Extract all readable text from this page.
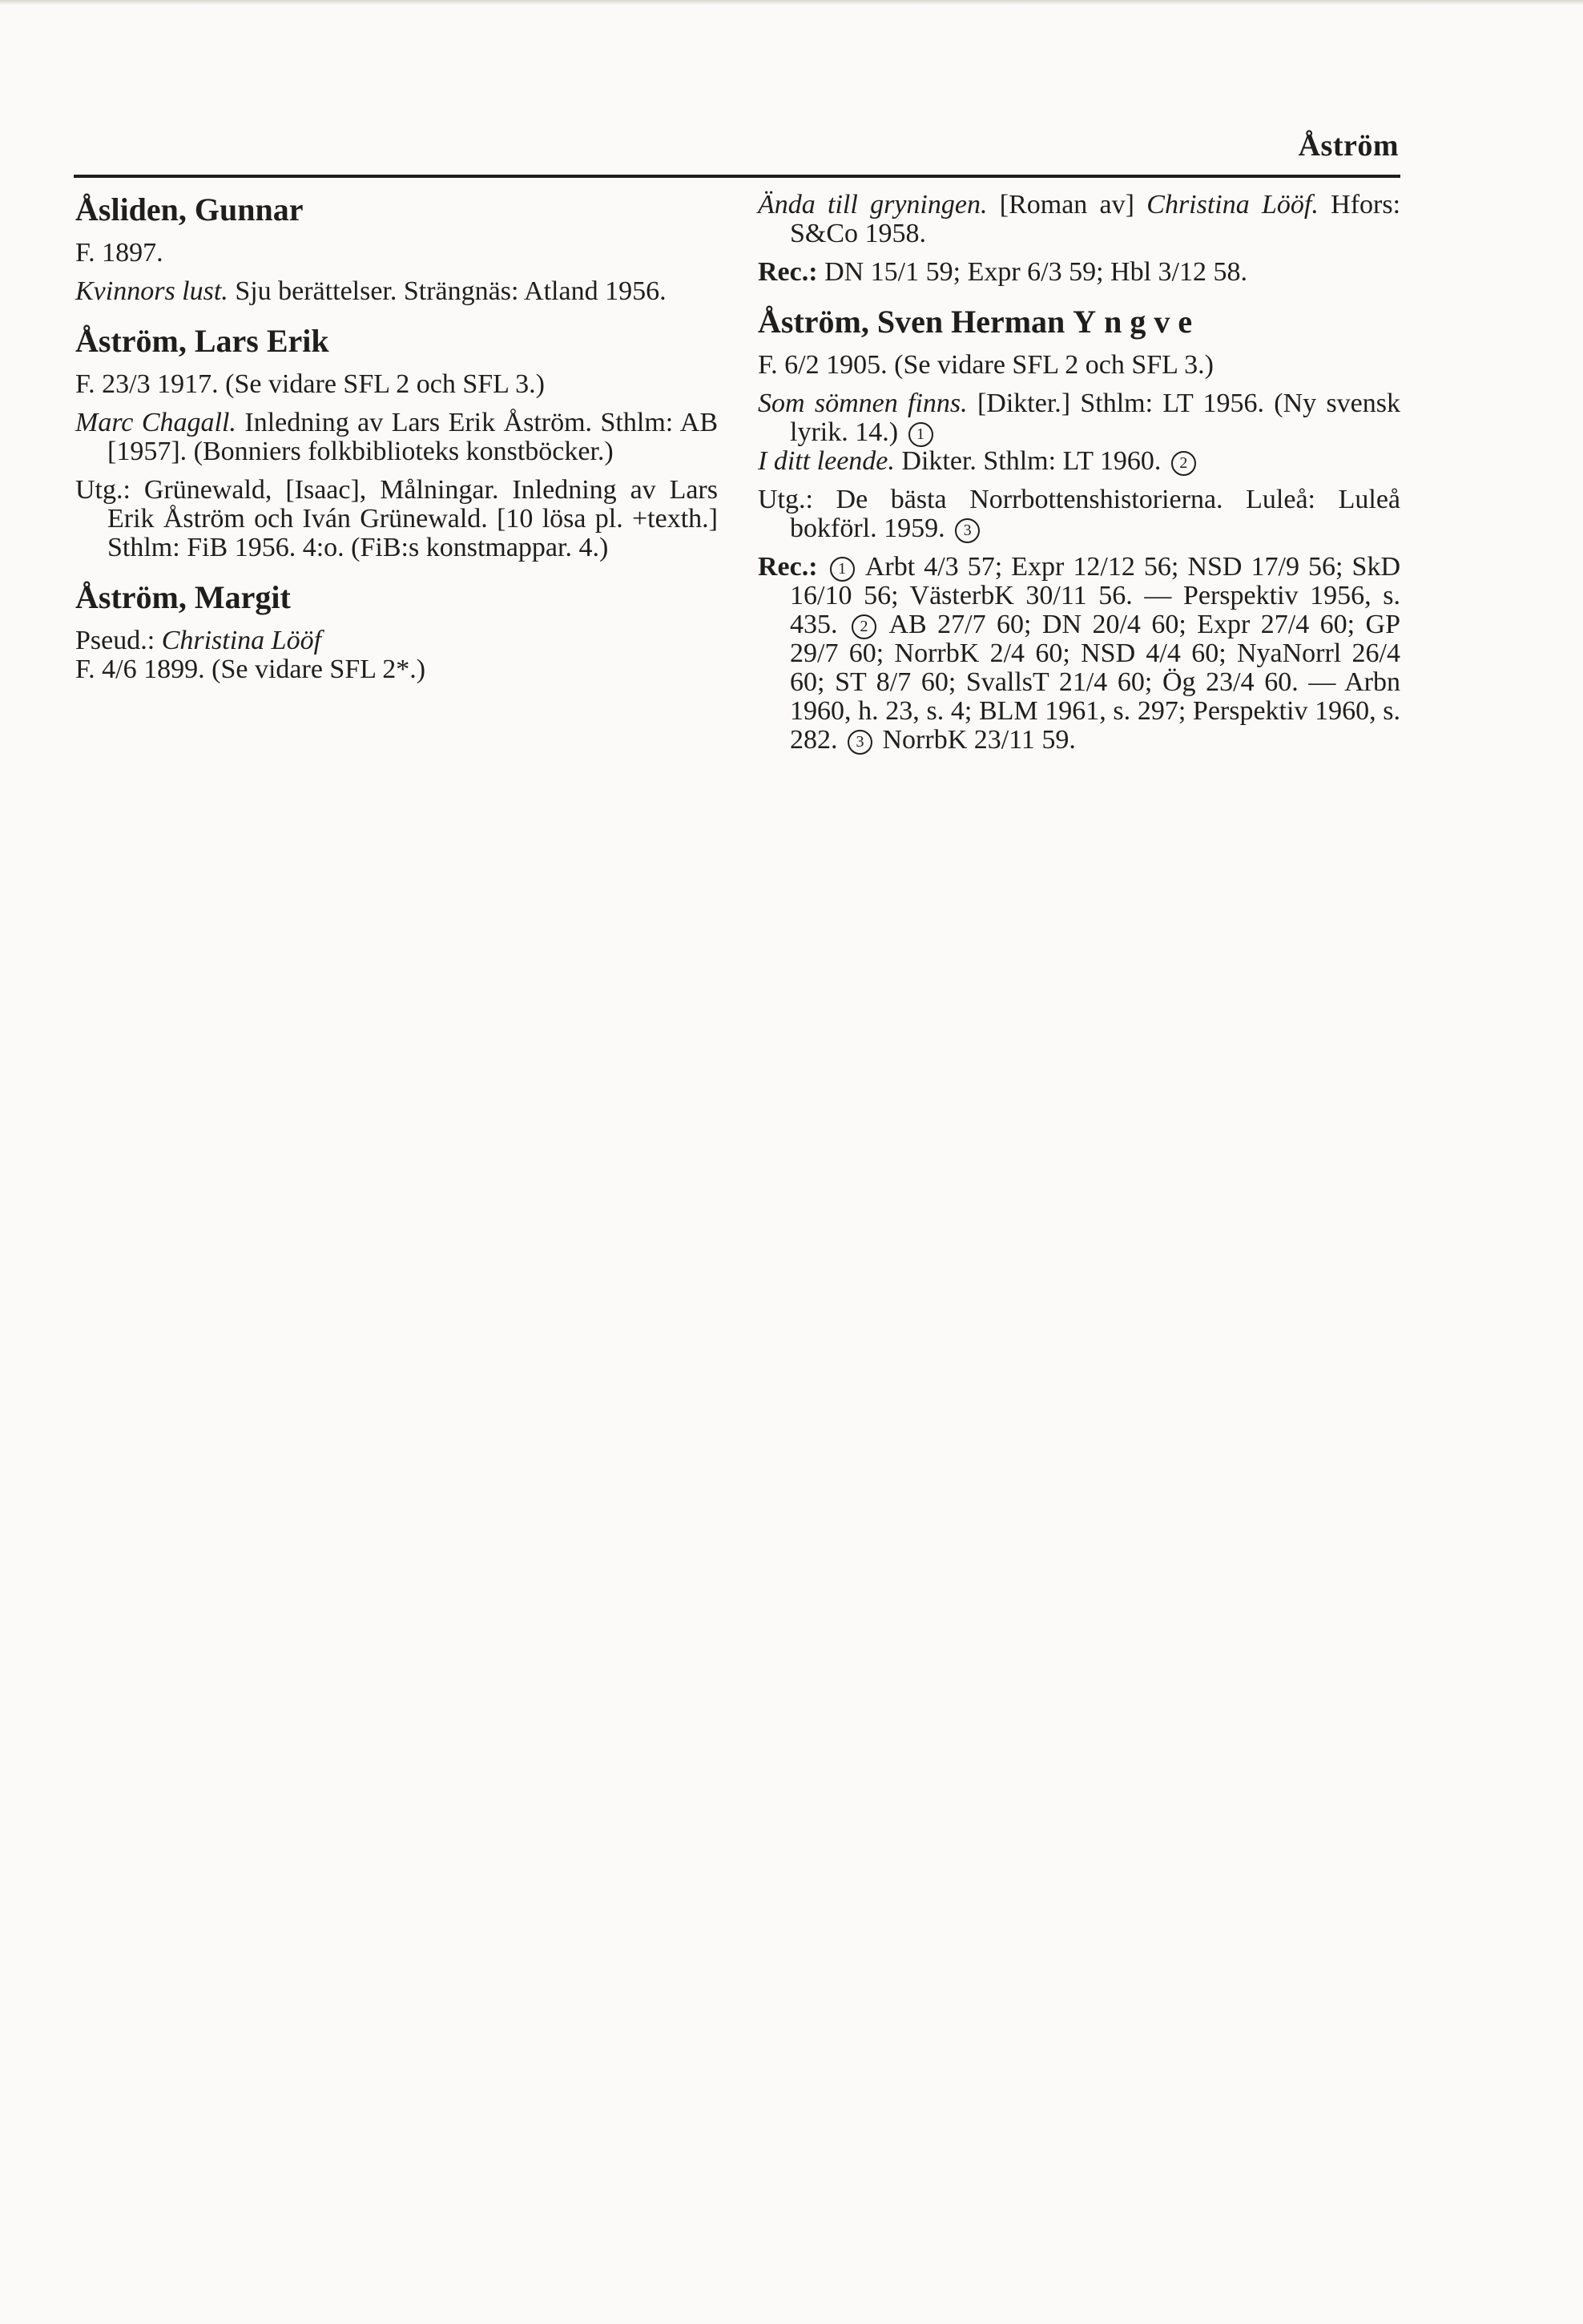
Åström
Åsliden, Gunnar

F. 1897.

Kvinnors lust. Sju berättelser. Strängnäs: Atland 1956.

Åström, Lars Erik

F. 23/3 1917. (Se vidare SFL 2 och SFL 3.)

Marc Chagall. Inledning av Lars Erik Åström. Sthlm: AB [1957]. (Bonniers folkbiblioteks konstböcker.)

Utg.: Grünewald, [Isaac], Målningar. Inledning av Lars Erik Åström och Iván Grünewald. [10 lösa pl. +texth.] Sthlm: FiB 1956. 4:o. (FiB:s konstmappar. 4.)

Åström, Margit

Pseud.: Christina Lööf

F. 4/6 1899. (Se vidare SFL 2*.)

Ända till gryningen. [Roman av] Christina Lööf. Hfors: S&Co 1958.

Rec.: DN 15/1 59; Expr 6/3 59; Hbl 3/12 58.

Åström, Sven Herman Yngve

F. 6/2 1905. (Se vidare SFL 2 och SFL 3.)

Som sömnen finns. [Dikter.] Sthlm: LT 1956. (Ny svensk lyrik. 14.) 1

I ditt leende. Dikter. Sthlm: LT 1960. 2

Utg.: De bästa Norrbottenshistorierna. Luleå: Luleå bokförl. 1959. 3

Rec.: 1 Arbt 4/3 57; Expr 12/12 56; NSD 17/9 56; SkD 16/10 56; VästerbK 30/11 56. — Perspektiv 1956, s. 435. 2 AB 27/7 60; DN 20/4 60; Expr 27/4 60; GP 29/7 60; NorrbK 2/4 60; NSD 4/4 60; NyaNorrl 26/4 60; ST 8/7 60; SvallsT 21/4 60; Ög 23/4 60. — Arbn 1960, h. 23, s. 4; BLM 1961, s. 297; Perspektiv 1960, s. 282. 3 NorrbK 23/11 59.
